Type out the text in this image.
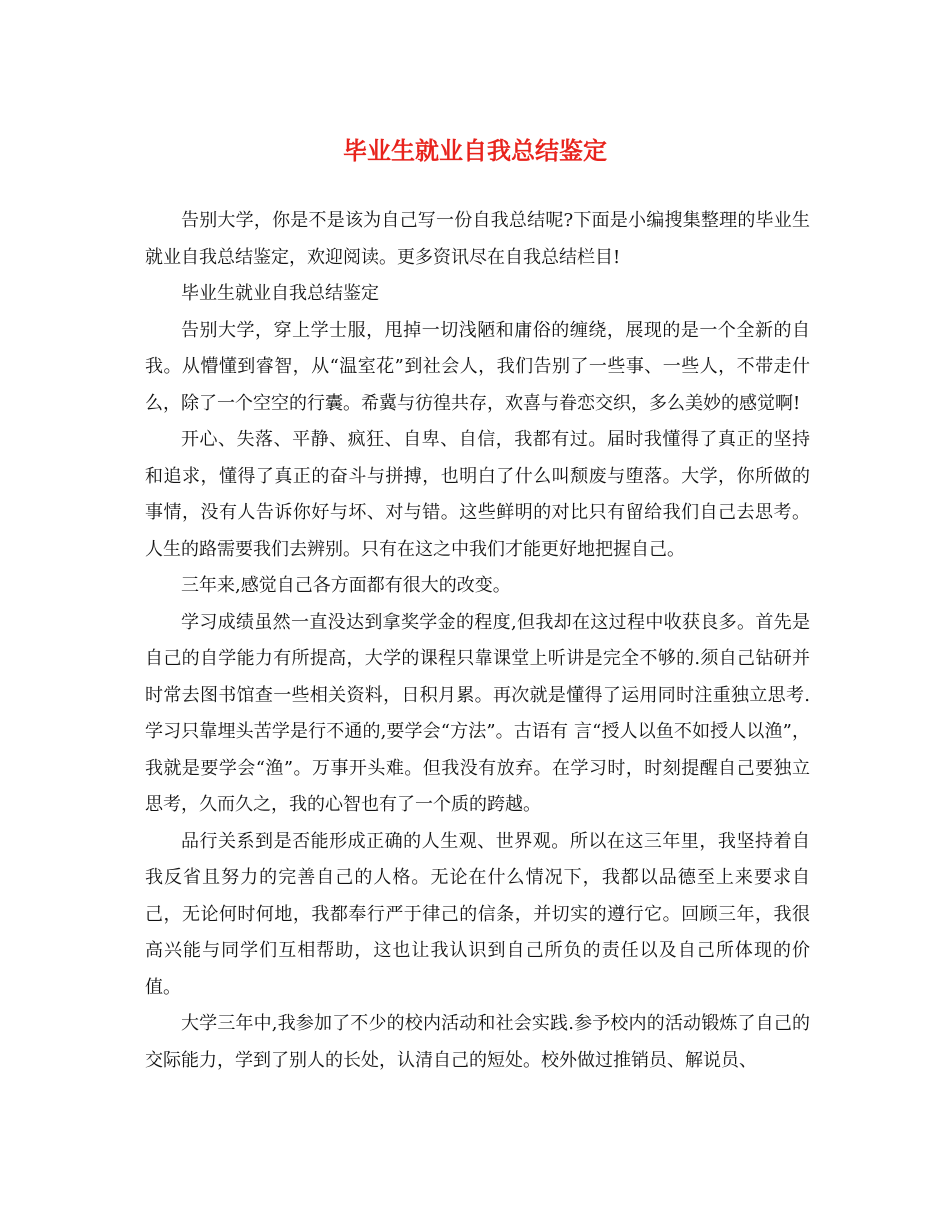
毕业生就业自我总结鉴定

告别大学，你是不是该为自己写一份自我总结呢?下面是小编搜集整理的毕业生就业自我总结鉴定，欢迎阅读。更多资讯尽在自我总结栏目!

毕业生就业自我总结鉴定

告别大学，穿上学士服，甩掉一切浅陋和庸俗的缠绕，展现的是一个全新的自我。从懵懂到睿智，从“温室花”到社会人，我们告别了一些事、一些人，不带走什么，除了一个空空的行囊。希冀与彷徨共存，欢喜与眷恋交织，多么美妙的感觉啊!

开心、失落、平静、疯狂、自卑、自信，我都有过。届时我懂得了真正的坚持和追求，懂得了真正的奋斗与拼搏，也明白了什么叫颓废与堕落。大学，你所做的事情，没有人告诉你好与坏、对与错。这些鲜明的对比只有留给我们自己去思考。人生的路需要我们去辨别。只有在这之中我们才能更好地把握自己。

三年来,感觉自己各方面都有很大的改变。

学习成绩虽然一直没达到拿奖学金的程度,但我却在这过程中收获良多。首先是自己的自学能力有所提高，大学的课程只靠课堂上听讲是完全不够的.须自己钻研并时常去图书馆查一些相关资料，日积月累。再次就是懂得了运用同时注重独立思考.学习只靠埋头苦学是行不通的,要学会“方法”。古语有 言“授人以鱼不如授人以渔”，我就是要学会“渔”。万事开头难。但我没有放弃。在学习时，时刻提醒自己要独立思考，久而久之，我的心智也有了一个质的跨越。

品行关系到是否能形成正确的人生观、世界观。所以在这三年里，我坚持着自我反省且努力的完善自己的人格。无论在什么情况下，我都以品德至上来要求自己，无论何时何地，我都奉行严于律己的信条，并切实的遵行它。回顾三年，我很高兴能与同学们互相帮助，这也让我认识到自己所负的责任以及自己所体现的价值。

大学三年中,我参加了不少的校内活动和社会实践.参予校内的活动锻炼了自己的交际能力，学到了别人的长处，认清自己的短处。校外做过推销员、解说员、
